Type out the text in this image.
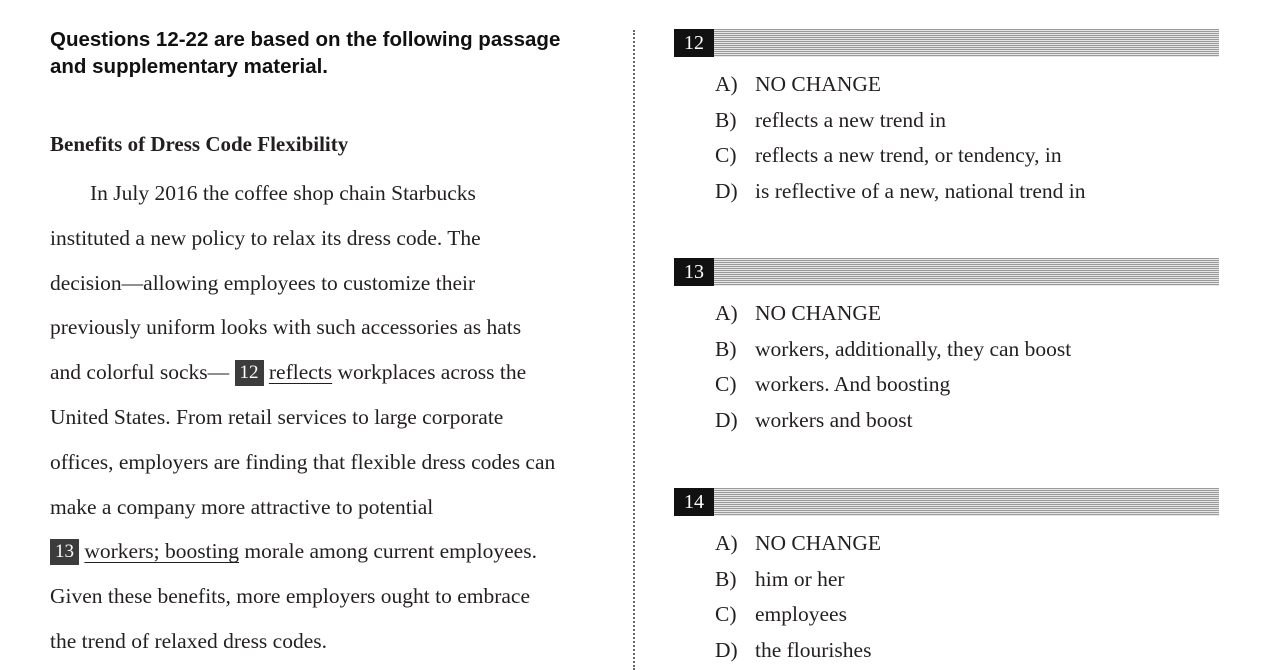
Questions 12-22 are based on the following passage
and supplementary material.

Benefits of Dress Code Flexibility
In July 2016 the coffee shop chain Starbucks
instituted a new policy to relax its dress code. The
decision—allowing employees to customize their
previously uniform looks with such accessories as hats
and colorful socks— 12 reflects workplaces across the
United States. From retail services to large corporate
offices, employers are finding that flexible dress codes can
make a company more attractive to potential
13 workers; boosting morale among current employees.
Given these benefits, more employers ought to embrace
the trend of relaxed dress codes.
12
A) NO CHANGE
B) reflects a new trend in
C) reflects a new trend, or tendency, in
D) is reflective of a new, national trend in
13
A) NO CHANGE
B) workers, additionally, they can boost
C) workers. And boosting
D) workers and boost
14
A) NO CHANGE
B) him or her
C) employees
D) the flourishes
